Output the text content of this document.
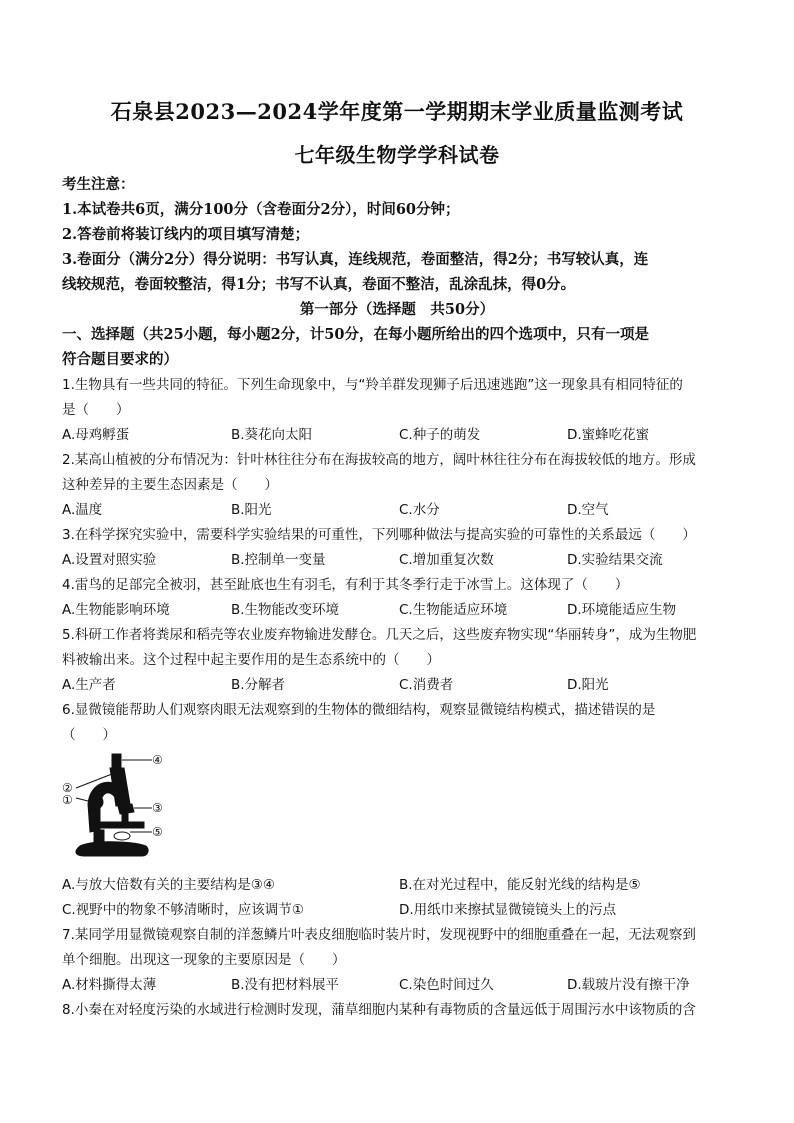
石泉县2023—2024学年度第一学期期末学业质量监测考试
七年级生物学学科试卷
考生注意：
1.本试卷共6页，满分100分（含卷面分2分），时间60分钟；
2.答卷前将装订线内的项目填写清楚；
3.卷面分（满分2分）得分说明：书写认真，连线规范，卷面整洁，得2分；书写较认真，连
线较规范，卷面较整洁，得1分；书写不认真，卷面不整洁，乱涂乱抹，得0分。
第一部分（选择题　共50分）
一、选择题（共25小题，每小题2分，计50分，在每小题所给出的四个选项中，只有一项是
符合题目要求的）
1.生物具有一些共同的特征。下列生命现象中，与“羚羊群发现狮子后迅速逃跑”这一现象具有相同特征的
是（　　）
A.母鸡孵蛋	B.葵花向太阳	C.种子的萌发	D.蜜蜂吃花蜜
2.某高山植被的分布情况为：针叶林往往分布在海拔较高的地方，阔叶林往往分布在海拔较低的地方。形成
这种差异的主要生态因素是（　　）
A.温度	B.阳光	C.水分	D.空气
3.在科学探究实验中，需要科学实验结果的可重性，下列哪种做法与提高实验的可靠性的关系最远（　　）
A.设置对照实验	B.控制单一变量	C.增加重复次数	D.实验结果交流
4.雷鸟的足部完全被羽，甚至趾底也生有羽毛，有利于其冬季行走于冰雪上。这体现了（　　）
A.生物能影响环境	B.生物能改变环境	C.生物能适应环境	D.环境能适应生物
5.科研工作者将粪尿和稻壳等农业废弃物输进发酵仓。几天之后，这些废弃物实现“华丽转身”，成为生物肥
料被输出来。这个过程中起主要作用的是生态系统中的（　　）
A.生产者	B.分解者	C.消费者	D.阳光
6.显微镜能帮助人们观察肉眼无法观察到的生物体的微细结构，观察显微镜结构模式，描述错误的是
（　　）
②
①
④
③
⑤
A.与放大倍数有关的主要结构是③④	B.在对光过程中，能反射光线的结构是⑤
C.视野中的物象不够清晰时，应该调节①	D.用纸巾来擦拭显微镜镜头上的污点
7.某同学用显微镜观察自制的洋葱鳞片叶表皮细胞临时装片时，发现视野中的细胞重叠在一起，无法观察到
单个细胞。出现这一现象的主要原因是（　　）
A.材料撕得太薄	B.没有把材料展平	C.染色时间过久	D.载玻片没有擦干净
8.小秦在对轻度污染的水域进行检测时发现，蒲草细胞内某种有毒物质的含量远低于周围污水中该物质的含
